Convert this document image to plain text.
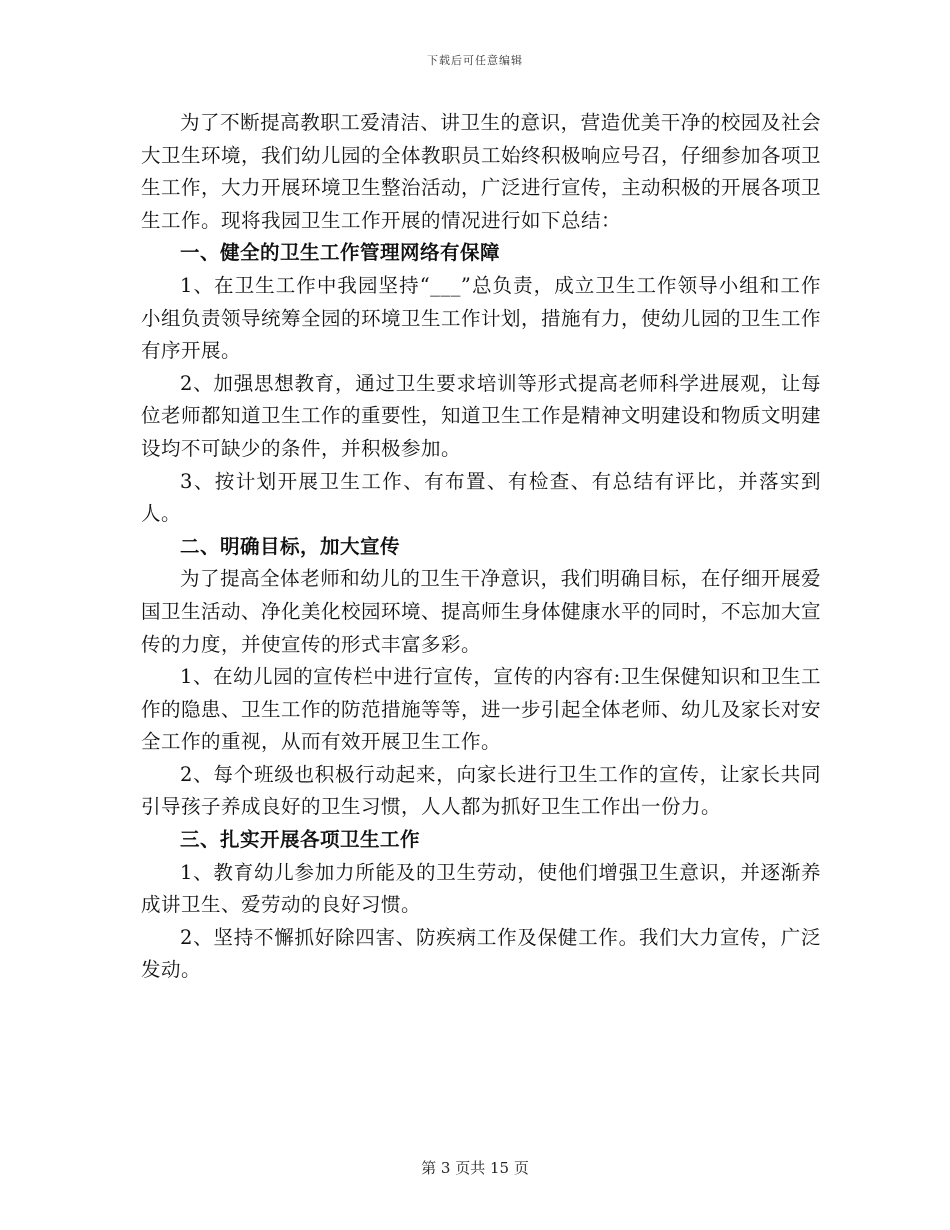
下载后可任意编辑

为了不断提高教职工爱清洁、讲卫生的意识，营造优美干净的校园及社会大卫生环境，我们幼儿园的全体教职员工始终积极响应号召，仔细参加各项卫生工作，大力开展环境卫生整治活动，广泛进行宣传，主动积极的开展各项卫生工作。现将我园卫生工作开展的情况进行如下总结：

一、健全的卫生工作管理网络有保障

1、在卫生工作中我园坚持“___”总负责，成立卫生工作领导小组和工作小组负责领导统筹全园的环境卫生工作计划，措施有力，使幼儿园的卫生工作有序开展。

2、加强思想教育，通过卫生要求培训等形式提高老师科学进展观，让每位老师都知道卫生工作的重要性，知道卫生工作是精神文明建设和物质文明建设均不可缺少的条件，并积极参加。

3、按计划开展卫生工作、有布置、有检查、有总结有评比，并落实到人。

二、明确目标，加大宣传

为了提高全体老师和幼儿的卫生干净意识，我们明确目标，在仔细开展爱国卫生活动、净化美化校园环境、提高师生身体健康水平的同时，不忘加大宣传的力度，并使宣传的形式丰富多彩。

1、在幼儿园的宣传栏中进行宣传，宣传的内容有:卫生保健知识和卫生工作的隐患、卫生工作的防范措施等等，进一步引起全体老师、幼儿及家长对安全工作的重视，从而有效开展卫生工作。

2、每个班级也积极行动起来，向家长进行卫生工作的宣传，让家长共同引导孩子养成良好的卫生习惯，人人都为抓好卫生工作出一份力。

三、扎实开展各项卫生工作

1、教育幼儿参加力所能及的卫生劳动，使他们增强卫生意识，并逐渐养成讲卫生、爱劳动的良好习惯。

2、坚持不懈抓好除四害、防疾病工作及保健工作。我们大力宣传，广泛发动。

第 3 页共 15 页
